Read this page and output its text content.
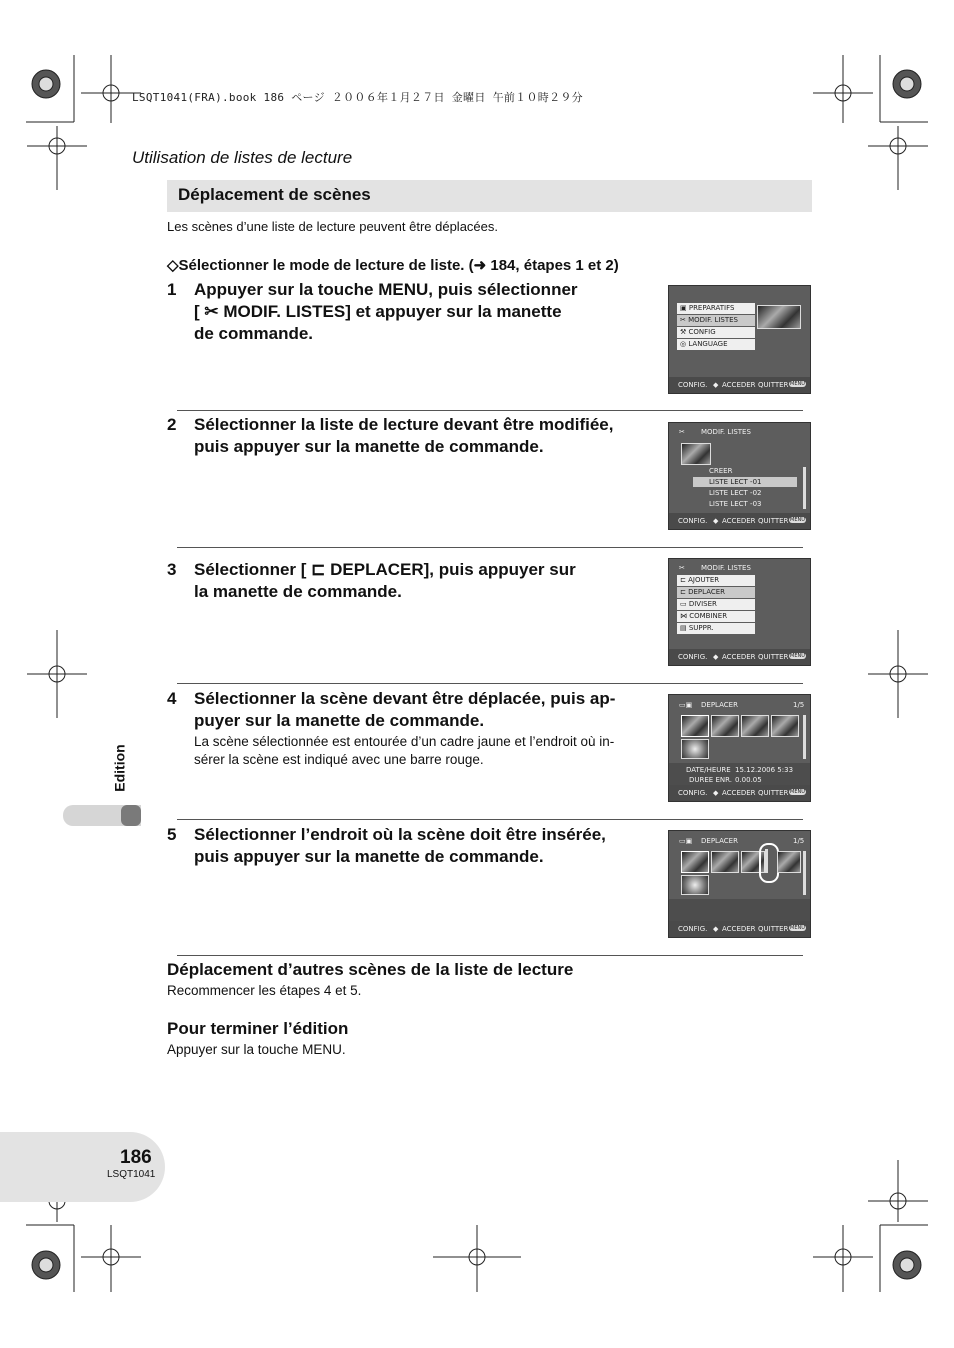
LSQT1041(FRA).book 186 ページ ２００６年１月２７日 金曜日 午前１０時２９分
Utilisation de listes de lecture
Déplacement de scènes
Les scènes d’une liste de lecture peuvent être déplacées.
◇Sélectionner le mode de lecture de liste. (➜ 184, étapes 1 et 2)
1 Appuyer sur la touche MENU, puis sélectionner
[ ✂ MODIF. LISTES] et appuyer sur la manette
de commande.
▣ PREPARATIFS
✂ MODIF. LISTES
⚒ CONFIG
◎ LANGUAGE
CONFIG. ◆ ACCEDER QUITTER MENU
2 Sélectionner la liste de lecture devant être modifiée,
puis appuyer sur la manette de commande.
✂ MODIF. LISTES
CREER
LISTE LECT -01
LISTE LECT -02
LISTE LECT -03
CONFIG. ◆ ACCEDER QUITTER MENU
3 Sélectionner [ ⊏ DEPLACER], puis appuyer sur
la manette de commande.
✂ MODIF. LISTES
⊏ AJOUTER
⊏ DEPLACER
▭ DIVISER
⋈ COMBINER
▤ SUPPR.
CONFIG. ◆ ACCEDER QUITTER MENU
4 Sélectionner la scène devant être déplacée, puis ap-
puyer sur la manette de commande.
La scène sélectionnée est entourée d’un cadre jaune et l’endroit où in-
sérer la scène est indiqué avec une barre rouge.
▭▣ DEPLACER	1/5
DATE/HEURE 15.12.2006 5:33
DUREE ENR. 0.00.05
CONFIG. ◆ ACCEDER QUITTER MENU
5 Sélectionner l’endroit où la scène doit être insérée,
puis appuyer sur la manette de commande.
▭▣ DEPLACER	1/5
CONFIG. ◆ ACCEDER QUITTER MENU
Déplacement d’autres scènes de la liste de lecture
Recommencer les étapes 4 et 5.
Pour terminer l’édition
Appuyer sur la touche MENU.
Edition
186
LSQT1041
